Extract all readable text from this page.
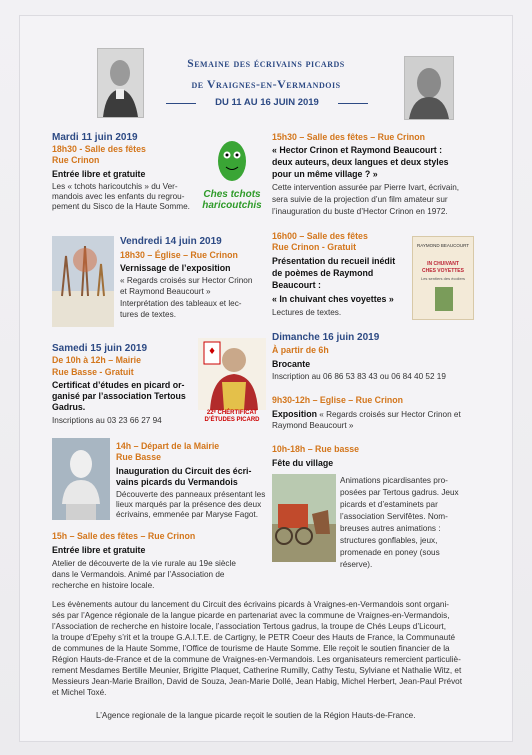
Semaine des écrivains picards
de Vraignes-en-Vermandois
DU 11 AU 16 JUIN 2019
Mardi 11 juin 2019
18h30 - Salle des fêtes
Rue Crinon
Entrée libre et gratuite
Les « tchots haricoutchis » du Ver-
mandois avec les enfants du regrou-
pement du Sisco de la Haute Somme.
Ches tchots
haricoutchis
Vendredi 14 juin 2019
18h30 – Église – Rue Crinon
Vernissage de l’exposition
« Regards croisés sur Hector Crinon
et Raymond Beaucourt »
Interprétation des tableaux et lec-
tures de textes.
Samedi 15 juin 2019
De 10h à 12h – Mairie
Rue Basse - Gratuit
Certificat d’études en picard or-
ganisé par l’association Tertous
Gadrus.
Inscriptions au 03 23 66 27 94
♦
22ᵉ CHÉRTIFICAT
D’ÉTUDES PICARD
14h – Départ de la Mairie
Rue Basse
Inauguration du Circuit des écri-
vains picards du Vermandois
Découverte des panneaux présentant les
lieux marqués par la présence des deux
écrivains, emmenée par Maryse Fagot.
15h – Salle des fêtes – Rue Crinon
Entrée libre et gratuite
Atelier de découverte de la vie rurale au 19e siècle
dans le Vermandois. Animé par l’Association de
recherche en histoire locale.
15h30 – Salle des fêtes – Rue Crinon
« Hector Crinon et Raymond Beaucourt :
deux auteurs, deux langues et deux styles
pour un même village ? »
Cette intervention assurée par Pierre Ivart, écrivain,
sera suivie de la projection d’un film amateur sur
l’inauguration du buste d’Hector Crinon en 1972.
16h00 – Salle des fêtes
Rue Crinon - Gratuit
Présentation du recueil inédit
de poèmes de Raymond
Beaucourt :
« In chuivant ches voyettes »
Lectures de textes.
RAYMOND BEAUCOURT
IN CHUIVANT
CHES VOYETTES
Les sentiers des écoliers
Dimanche 16 juin 2019
À partir de 6h
Brocante
Inscription au 06 86 53 83 43 ou 06 84 40 52 19
9h30-12h – Eglise – Rue Crinon
Exposition « Regards croisés sur Hector Crinon et
Raymond Beaucourt »
10h-18h – Rue basse
Fête du village
Animations picardisantes pro-
posées par Tertous gadrus. Jeux
picards et d’estaminets par
l’association Servifêtes. Nom-
breuses autres animations :
structures gonflables, jeux,
promenade en poney (sous
réserve).
Les évènements autour du lancement du Circuit des écrivains picards à Vraignes-en-Vermandois sont organi-
sés par l’Agence régionale de la langue picarde en partenariat avec la commune de Vraignes-en-Vermandois,
l’Association de recherche en histoire locale, l’association Tertous gadrus, la troupe de Chés Leups d’Licourt,
la troupe d’Epehy s’rit et la troupe G.A.I.T.E. de Cartigny, le PETR Coeur des Hauts de France, la Communauté
de communes de la Haute Somme, l’Office de tourisme de Haute Somme. Elle reçoit le soutien financier de la
Région Hauts-de-France et de la commune de Vraignes-en-Vermandois. Les organisateurs remercient particuliè-
rement Mesdames Bertille Meunier, Brigitte Plaquet, Catherine Rumilly, Cathy Testu, Sylviane et Nathalie Witz, et
Messieurs Jean-Marie Braillon, David de Souza, Jean-Marie Dollé, Jean Habig, Michel Herbert, Jean-Paul Prévot
et Michel Toxé.
L’Agence regionale de la langue picarde reçoit le soutien de la Région Hauts-de-France.
